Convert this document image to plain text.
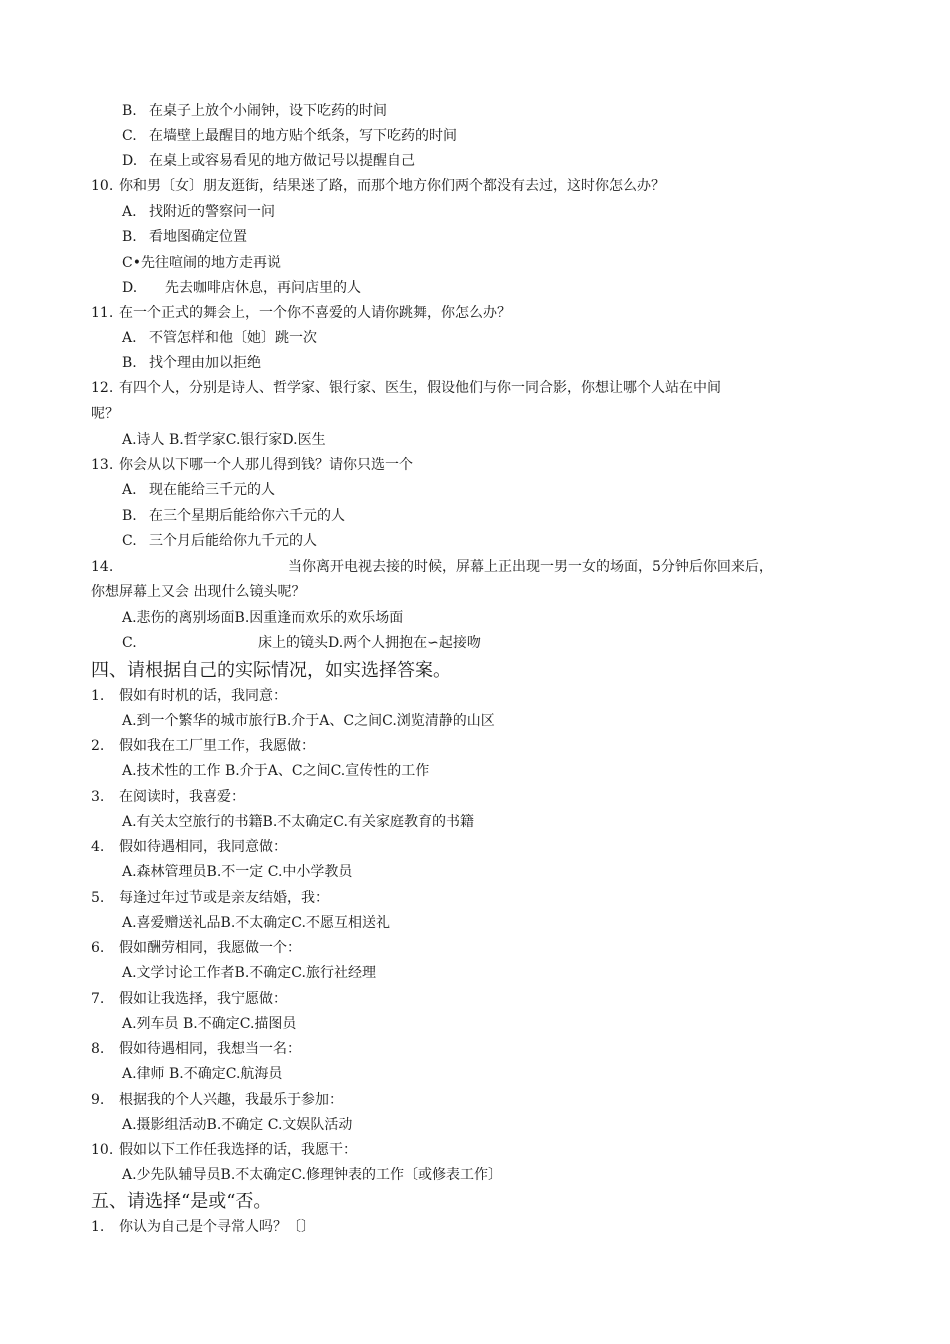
B. 在桌子上放个小闹钟，设下吃药的时间
C. 在墙壁上最醒目的地方贴个纸条，写下吃药的时间
D. 在桌上或容易看见的地方做记号以提醒自己
10. 你和男〔女〕朋友逛街，结果迷了路，而那个地方你们两个都没有去过，这时你怎么办？
A. 找附近的警察问一问
B. 看地图确定位置
C•先往喧闹的地方走再说
D. 先去咖啡店休息，再问店里的人
11. 在一个正式的舞会上，一个你不喜爱的人请你跳舞，你怎么办？
A. 不管怎样和他〔她〕跳一次
B. 找个理由加以拒绝
12. 有四个人，分别是诗人、哲学家、银行家、医生，假设他们与你一同合影，你想让哪个人站在中间
呢？
A.诗人 B.哲学家C.银行家D.医生
13. 你会从以下哪一个人那儿得到钱？请你只选一个
A. 现在能给三千元的人
B. 在三个星期后能给你六千元的人
C. 三个月后能给你九千元的人
14.	当你离开电视去接的时候，屏幕上正出现一男一女的场面，5分钟后你回来后，
你想屏幕上又会 出现什么镜头呢？
A.悲伤的离别场面B.因重逢而欢乐的欢乐场面
C.	床上的镜头D.两个人拥抱在∽起接吻
四、请根据自己的实际情况，如实选择答案。
1. 假如有时机的话，我同意：
A.到一个繁华的城市旅行B.介于A、C之间C.浏览清静的山区
2. 假如我在工厂里工作，我愿做：
A.技术性的工作 B.介于A、C之间C.宣传性的工作
3. 在阅读时，我喜爱：
A.有关太空旅行的书籍B.不太确定C.有关家庭教育的书籍
4. 假如待遇相同，我同意做：
A.森林管理员B.不一定 C.中小学教员
5. 每逢过年过节或是亲友结婚，我：
A.喜爱赠送礼品B.不太确定C.不愿互相送礼
6. 假如酬劳相同，我愿做一个：
A.文学讨论工作者B.不确定C.旅行社经理
7. 假如让我选择，我宁愿做：
A.列车员 B.不确定C.描图员
8. 假如待遇相同，我想当一名：
A.律师 B.不确定C.航海员
9. 根据我的个人兴趣，我最乐于参加：
A.摄影组活动B.不确定 C.文娱队活动
10. 假如以下工作任我选择的话，我愿干：
A.少先队辅导员B.不太确定C.修理钟表的工作〔或修表工作〕
五、请选择“是或“否。
1. 你认为自己是个寻常人吗？〔〕
